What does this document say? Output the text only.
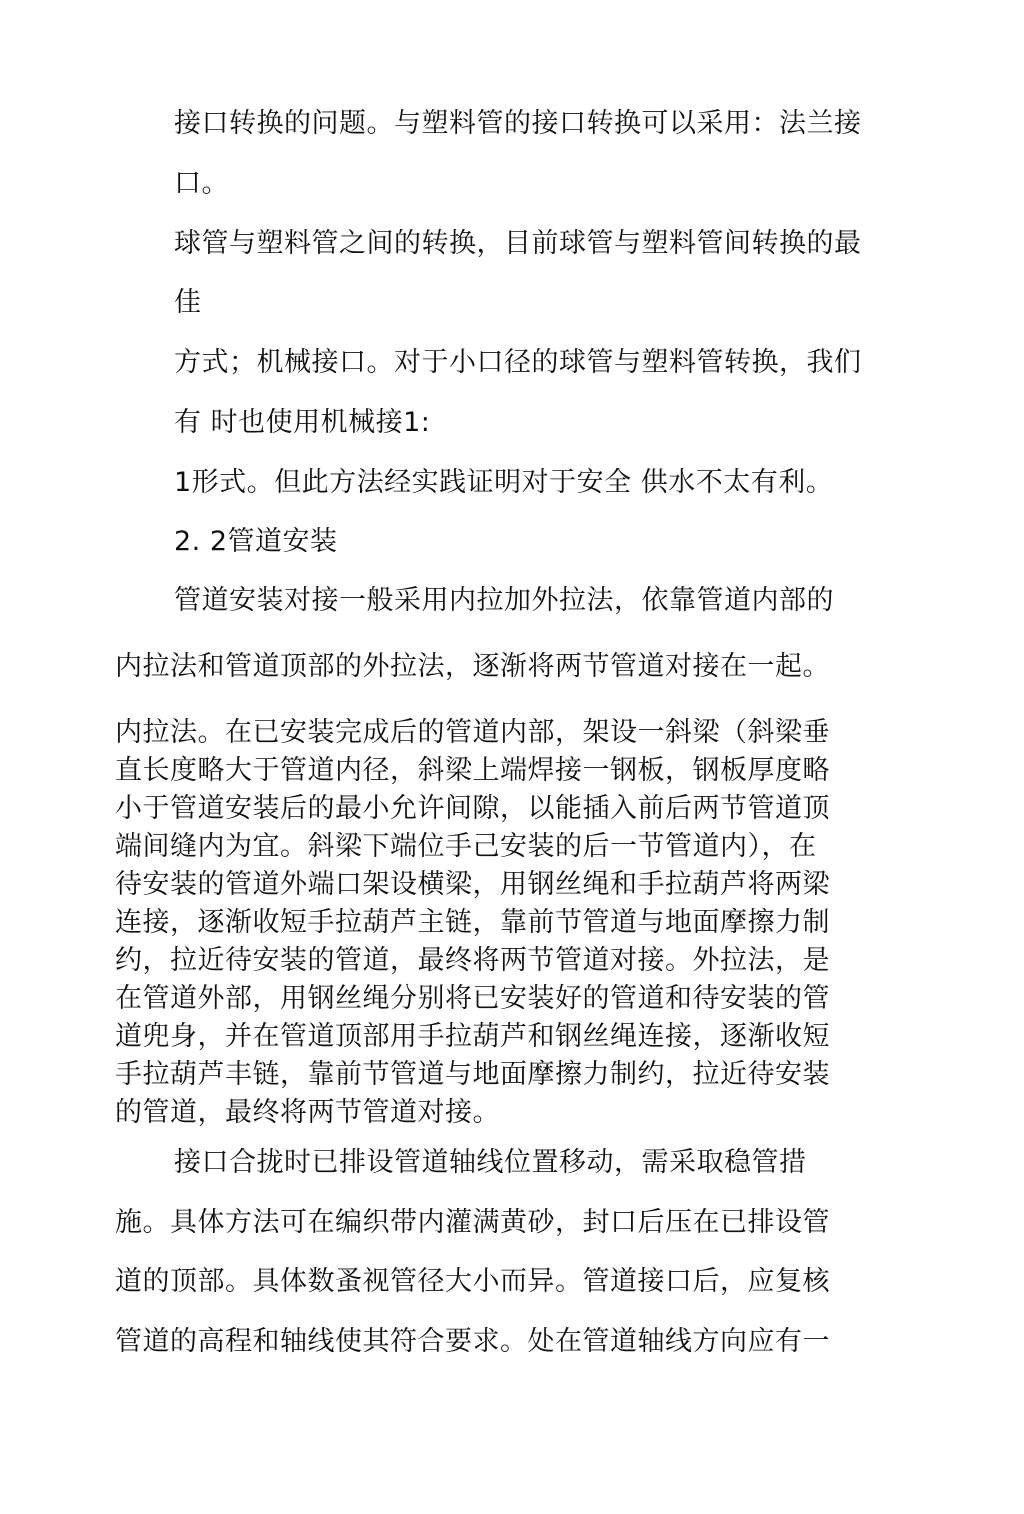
接口转换的问题。与塑料管的接口转换可以采用：法兰接
口。
球管与塑料管之间的转换，目前球管与塑料管间转换的最
佳
方式；机械接口。对于小口径的球管与塑料管转换，我们
有 时也使用机械接1:
1形式。但此方法经实践证明对于安全 供水不太有利。
2. 2管道安装
管道安装对接一般采用内拉加外拉法，依靠管道内部的
内拉法和管道顶部的外拉法，逐渐将两节管道对接在一起。
内拉法。在已安装完成后的管道内部，架设一斜梁（斜梁垂
直长度略大于管道内径，斜梁上端焊接一钢板，钢板厚度略
小于管道安装后的最小允许间隙，以能插入前后两节管道顶
端间缝内为宜。斜梁下端位手己安装的后一节管道内），在
待安装的管道外端口架设横梁，用钢丝绳和手拉葫芦将两梁
连接，逐渐收短手拉葫芦主链，靠前节管道与地面摩擦力制
约，拉近待安装的管道，最终将两节管道对接。外拉法，是
在管道外部，用钢丝绳分别将已安装好的管道和待安装的管
道兜身，并在管道顶部用手拉葫芦和钢丝绳连接，逐渐收短
手拉葫芦丰链，靠前节管道与地面摩擦力制约，拉近待安装
的管道，最终将两节管道对接。
接口合拢时已排设管道轴线位置移动，需采取稳管措
施。具体方法可在编织带内灌满黄砂，封口后压在已排设管
道的顶部。具体数蚤视管径大小而异。管道接口后，应复核
管道的高程和轴线使其符合要求。处在管道轴线方向应有一
